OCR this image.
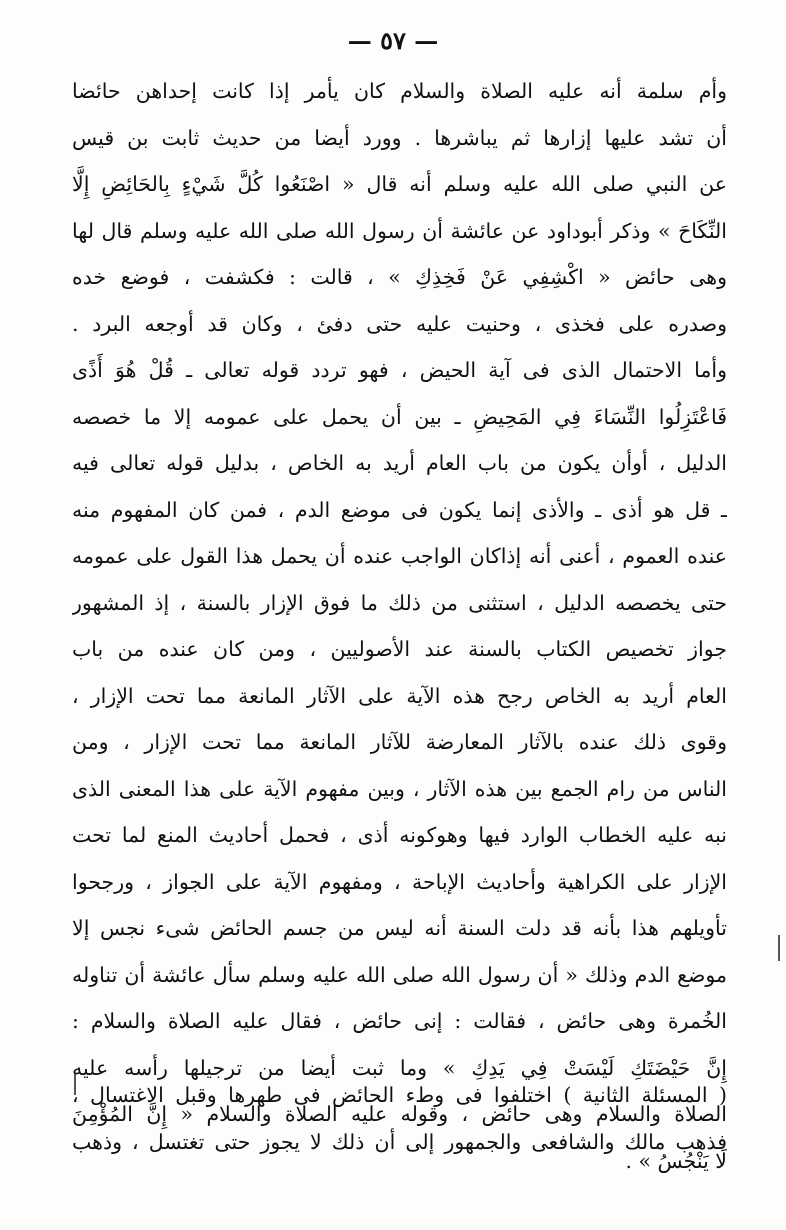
— ٥٧ —
وأم سلمة أنه عليه الصلاة والسلام كان يأمر إذا كانت إحداهن حائضا
أن تشد عليها إزارها ثم يباشرها . وورد أيضا من حديث ثابت بن قيس
عن النبي صلى الله عليه وسلم أنه قال « اصْنَعُوا كُلَّ شَيْءٍ بِالحَائِضِ إِلَّا
النِّكَاحَ » وذكر أبوداود عن عائشة أن رسول الله صلى الله عليه وسلم قال لها
وهى حائض « اكْشِفِي عَنْ فَخِذِكِ » ، قالت : فكشفت ، فوضع خده
وصدره على فخذى ، وحنيت عليه حتى دفئ ، وكان قد أوجعه البرد .
وأما الاحتمال الذى فى آية الحيض ، فهو تردد قوله تعالى ـ قُلْ هُوَ أَذًى
فَاعْتَزِلُوا النِّسَاءَ فِي المَحِيضِ ـ بين أن يحمل على عمومه إلا ما خصصه
الدليل ، أوأن يكون من باب العام أريد به الخاص ، بدليل قوله تعالى فيه
ـ قل هو أذى ـ والأذى إنما يكون فى موضع الدم ، فمن كان المفهوم منه
عنده العموم ، أعنى أنه إذاكان الواجب عنده أن يحمل هذا القول على عمومه
حتى يخصصه الدليل ، استثنى من ذلك ما فوق الإزار بالسنة ، إذ المشهور
جواز تخصيص الكتاب بالسنة عند الأصوليين ، ومن كان عنده من باب
العام أريد به الخاص رجح هذه الآية على الآثار المانعة مما تحت الإزار ،
وقوى ذلك عنده بالآثار المعارضة للآثار المانعة مما تحت الإزار ، ومن
الناس من رام الجمع بين هذه الآثار ، وبين مفهوم الآية على هذا المعنى الذى
نبه عليه الخطاب الوارد فيها وهوكونه أذى ، فحمل أحاديث المنع لما تحت
الإزار على الكراهية وأحاديث الإباحة ، ومفهوم الآية على الجواز ، ورجحوا
تأويلهم هذا بأنه قد دلت السنة أنه ليس من جسم الحائض شىء نجس إلا
موضع الدم وذلك « أن رسول الله صلى الله عليه وسلم سأل عائشة أن تناوله
الخُمرة وهى حائض ، فقالت : إنى حائض ، فقال عليه الصلاة والسلام :
إِنَّ حَيْضَتَكِ لَيْسَتْ فِي يَدِكِ » وما ثبت أيضا من ترجيلها رأسه عليه
الصلاة والسلام وهى حائض ، وقوله عليه الصلاة والسلام « إِنَّ المُؤْمِنَ
لَا يَنْجُسُ » .
( المسئلة الثانية ) اختلفوا فى وطء الحائض فى طهرها وقبل الاغتسال ،
فذهب مالك والشافعى والجمهور إلى أن ذلك لا يجوز حتى تغتسل ، وذهب
